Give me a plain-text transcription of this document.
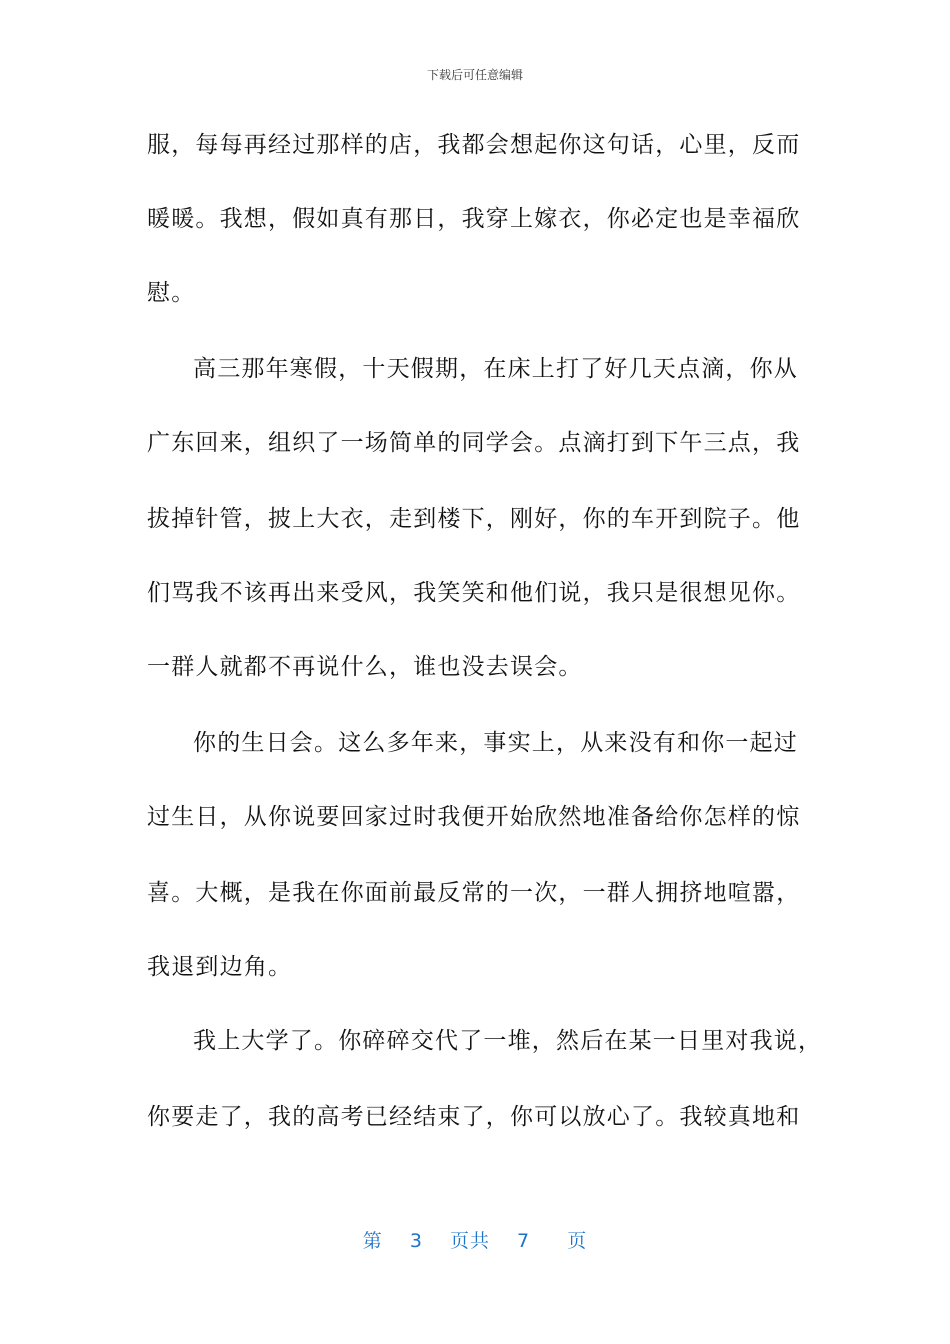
下载后可任意编辑
服，每每再经过那样的店，我都会想起你这句话，心里，反而
暖暖。我想，假如真有那日，我穿上嫁衣，你必定也是幸福欣
慰。
高三那年寒假，十天假期，在床上打了好几天点滴，你从
广东回来，组织了一场简单的同学会。点滴打到下午三点，我
拔掉针管，披上大衣，走到楼下，刚好，你的车开到院子。他
们骂我不该再出来受风，我笑笑和他们说，我只是很想见你。
一群人就都不再说什么，谁也没去误会。
你的生日会。这么多年来，事实上，从来没有和你一起过
过生日，从你说要回家过时我便开始欣然地准备给你怎样的惊
喜。大概，是我在你面前最反常的一次，一群人拥挤地喧嚣，
我退到边角。
我上大学了。你碎碎交代了一堆，然后在某一日里对我说，
你要走了，我的高考已经结束了，你可以放心了。我较真地和
第 3 页共 7 页
